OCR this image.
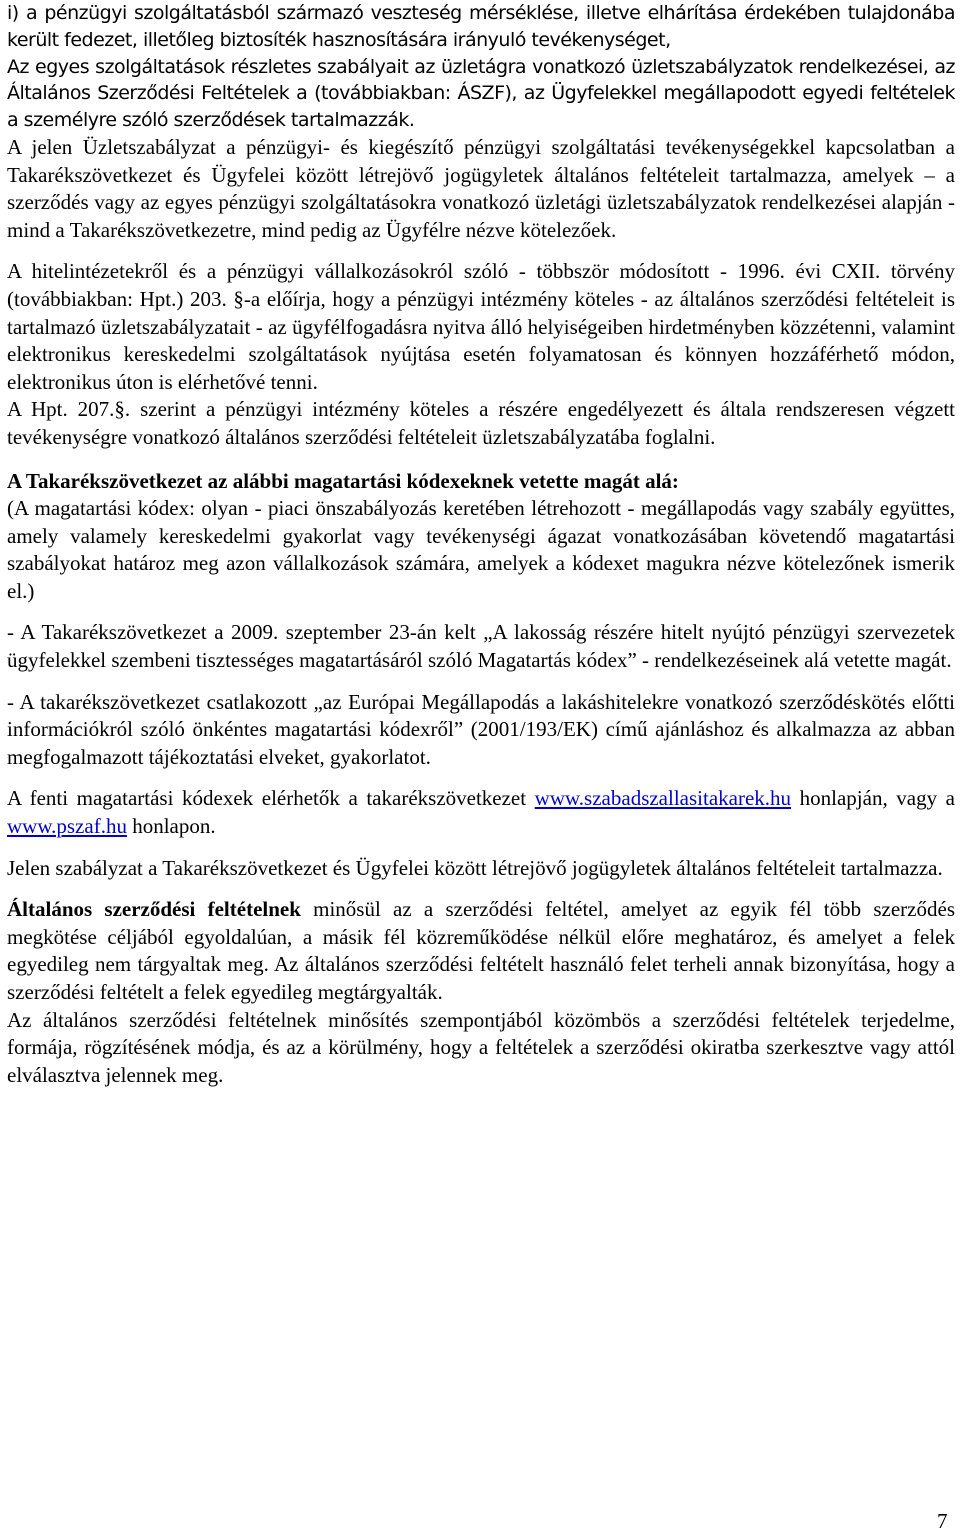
i) a pénzügyi szolgáltatásból származó veszteség mérséklése, illetve elhárítása érdekében tulajdonába került fedezet, illetőleg biztosíték hasznosítására irányuló tevékenységet,

Az egyes szolgáltatások részletes szabályait az üzletágra vonatkozó üzletszabályzatok rendelkezései, az Általános Szerződési Feltételek a (továbbiakban: ÁSZF), az Ügyfelekkel megállapodott egyedi feltételek a személyre szóló szerződések tartalmazzák.

A jelen Üzletszabályzat a pénzügyi- és kiegészítő pénzügyi szolgáltatási tevékenységekkel kapcsolatban a Takarékszövetkezet és Ügyfelei között létrejövő jogügyletek általános feltételeit tartalmazza, amelyek – a szerződés vagy az egyes pénzügyi szolgáltatásokra vonatkozó üzletági üzletszabályzatok rendelkezései alapján - mind a Takarékszövetkezetre, mind pedig az Ügyfélre nézve kötelezőek.

A hitelintézetekről és a pénzügyi vállalkozásokról szóló - többször módosított - 1996. évi CXII. törvény (továbbiakban: Hpt.) 203. §-a előírja, hogy a pénzügyi intézmény köteles - az általános szerződési feltételeit is tartalmazó üzletszabályzatait - az ügyfélfogadásra nyitva álló helyiségeiben hirdetményben közzétenni, valamint elektronikus kereskedelmi szolgáltatások nyújtása esetén folyamatosan és könnyen hozzáférhető módon, elektronikus úton is elérhetővé tenni.

A Hpt. 207.§. szerint a pénzügyi intézmény köteles a részére engedélyezett és általa rendszeresen végzett tevékenységre vonatkozó általános szerződési feltételeit üzletszabályzatába foglalni.

A Takarékszövetkezet az alábbi magatartási kódexeknek vetette magát alá:

(A magatartási kódex: olyan - piaci önszabályozás keretében létrehozott - megállapodás vagy szabály együttes, amely valamely kereskedelmi gyakorlat vagy tevékenységi ágazat vonatkozásában követendő magatartási szabályokat határoz meg azon vállalkozások számára, amelyek a kódexet magukra nézve kötelezőnek ismerik el.)

- A Takarékszövetkezet a 2009. szeptember 23-án kelt „A lakosság részére hitelt nyújtó pénzügyi szervezetek ügyfelekkel szembeni tisztességes magatartásáról szóló Magatartás kódex” - rendelkezéseinek alá vetette magát.

- A takarékszövetkezet csatlakozott „az Európai Megállapodás a lakáshitelekre vonatkozó szerződéskötés előtti információkról szóló önkéntes magatartási kódexről” (2001/193/EK) című ajánláshoz és alkalmazza az abban megfogalmazott tájékoztatási elveket, gyakorlatot.

A fenti magatartási kódexek elérhetők a takarékszövetkezet www.szabadszallasitakarek.hu honlapján, vagy a www.pszaf.hu honlapon.

Jelen szabályzat a Takarékszövetkezet és Ügyfelei között létrejövő jogügyletek általános feltételeit tartalmazza.

Általános szerződési feltételnek minősül az a szerződési feltétel, amelyet az egyik fél több szerződés megkötése céljából egyoldalúan, a másik fél közreműködése nélkül előre meghatároz, és amelyet a felek egyedileg nem tárgyaltak meg. Az általános szerződési feltételt használó felet terheli annak bizonyítása, hogy a szerződési feltételt a felek egyedileg megtárgyalták.

Az általános szerződési feltételnek minősítés szempontjából közömbös a szerződési feltételek terjedelme, formája, rögzítésének módja, és az a körülmény, hogy a feltételek a szerződési okiratba szerkesztve vagy attól elválasztva jelennek meg.

7
